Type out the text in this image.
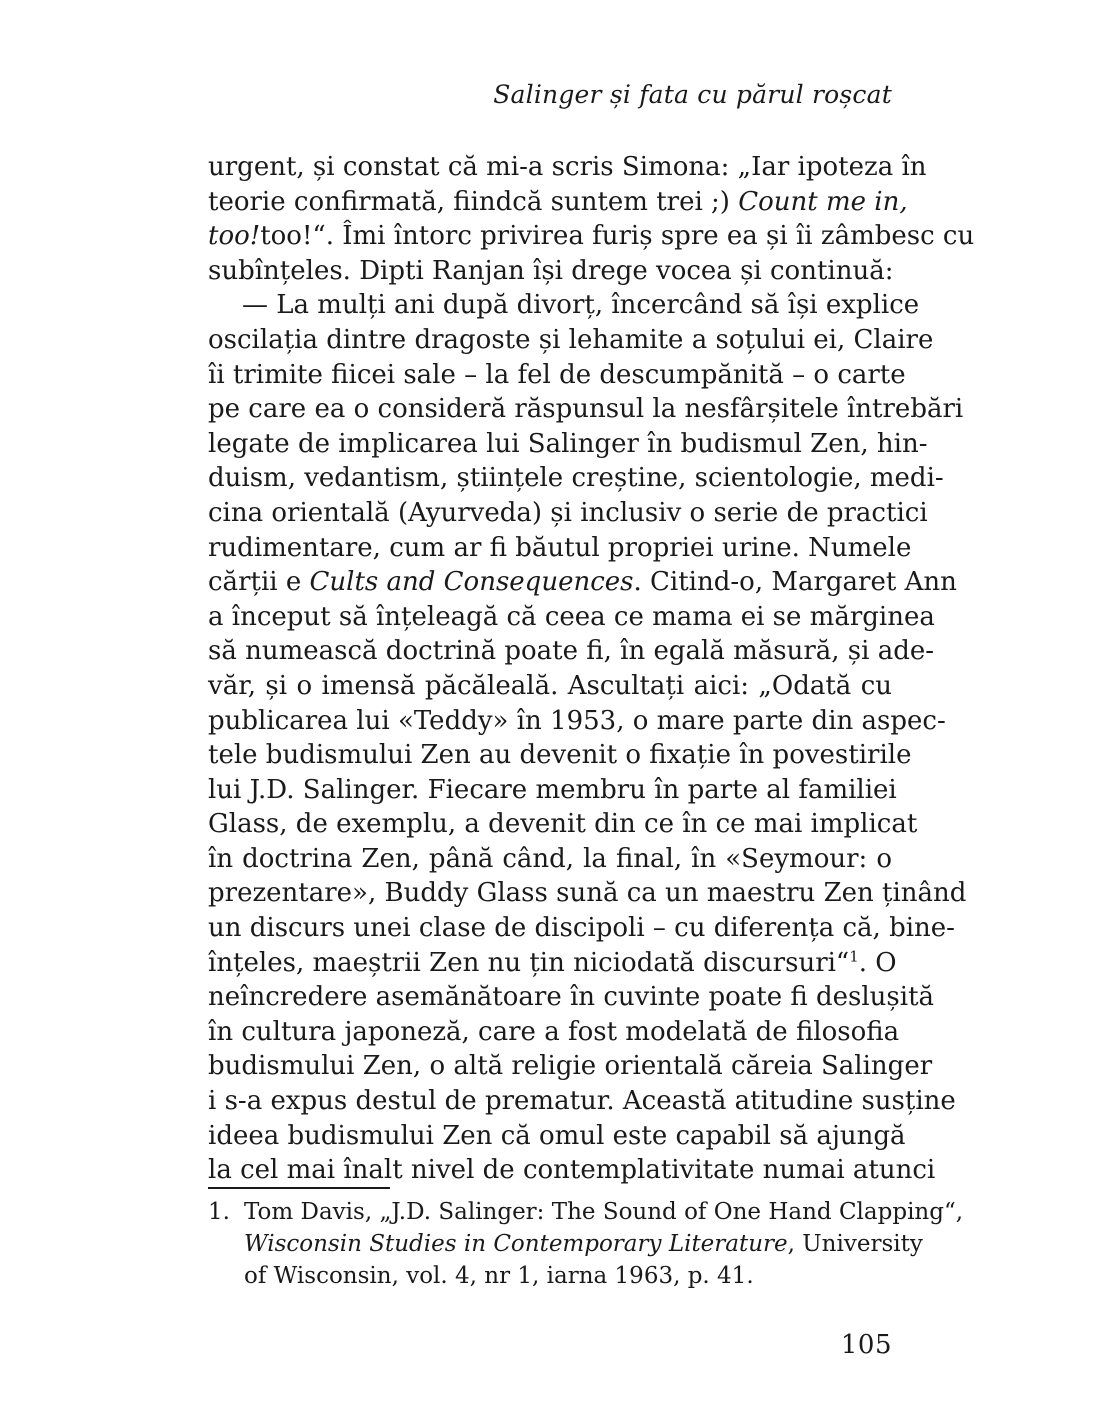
Salinger și fata cu părul roșcat
urgent, și constat că mi-a scris Simona: „Iar ipoteza în
teorie confirmată, fiindcă suntem trei ;) Count me in,
too!too!“. Îmi întorc privirea furiș spre ea și îi zâmbesc cu
subînțeles. Dipti Ranjan își drege vocea și continuă:
— La mulți ani după divorț, încercând să își explice
oscilația dintre dragoste și lehamite a soțului ei, Claire
îi trimite fiicei sale – la fel de descumpănită – o carte
pe care ea o consideră răspunsul la nesfârșitele întrebări
legate de implicarea lui Salinger în budismul Zen, hin-
duism, vedantism, științele creștine, scientologie, medi-
cina orientală (Ayurveda) și inclusiv o serie de practici
rudimentare, cum ar fi băutul propriei urine. Numele
cărții e Cults and Consequences. Citind-o, Margaret Ann
a început să înțeleagă că ceea ce mama ei se mărginea
să numească doctrină poate fi, în egală măsură, și ade-
văr, și o imensă păcăleală. Ascultați aici: „Odată cu
publicarea lui «Teddy» în 1953, o mare parte din aspec-
tele budismului Zen au devenit o fixație în povestirile
lui J.D. Salinger. Fiecare membru în parte al familiei
Glass, de exemplu, a devenit din ce în ce mai implicat
în doctrina Zen, până când, la final, în «Seymour: o
prezentare», Buddy Glass sună ca un maestru Zen ținând
un discurs unei clase de discipoli – cu diferența că, bine-
înțeles, maeștrii Zen nu țin niciodată discursuri“$^1$. O
neîncredere asemănătoare în cuvinte poate fi deslușită
în cultura japoneză, care a fost modelată de filosofia
budismului Zen, o altă religie orientală căreia Salinger
i s-a expus destul de prematur. Această atitudine susține
ideea budismului Zen că omul este capabil să ajungă
la cel mai înalt nivel de contemplativitate numai atunci
1. Tom Davis, „J.D. Salinger: The Sound of One Hand Clapping“,
Wisconsin Studies in Contemporary Literature, University
of Wisconsin, vol. 4, nr 1, iarna 1963, p. 41.
105
